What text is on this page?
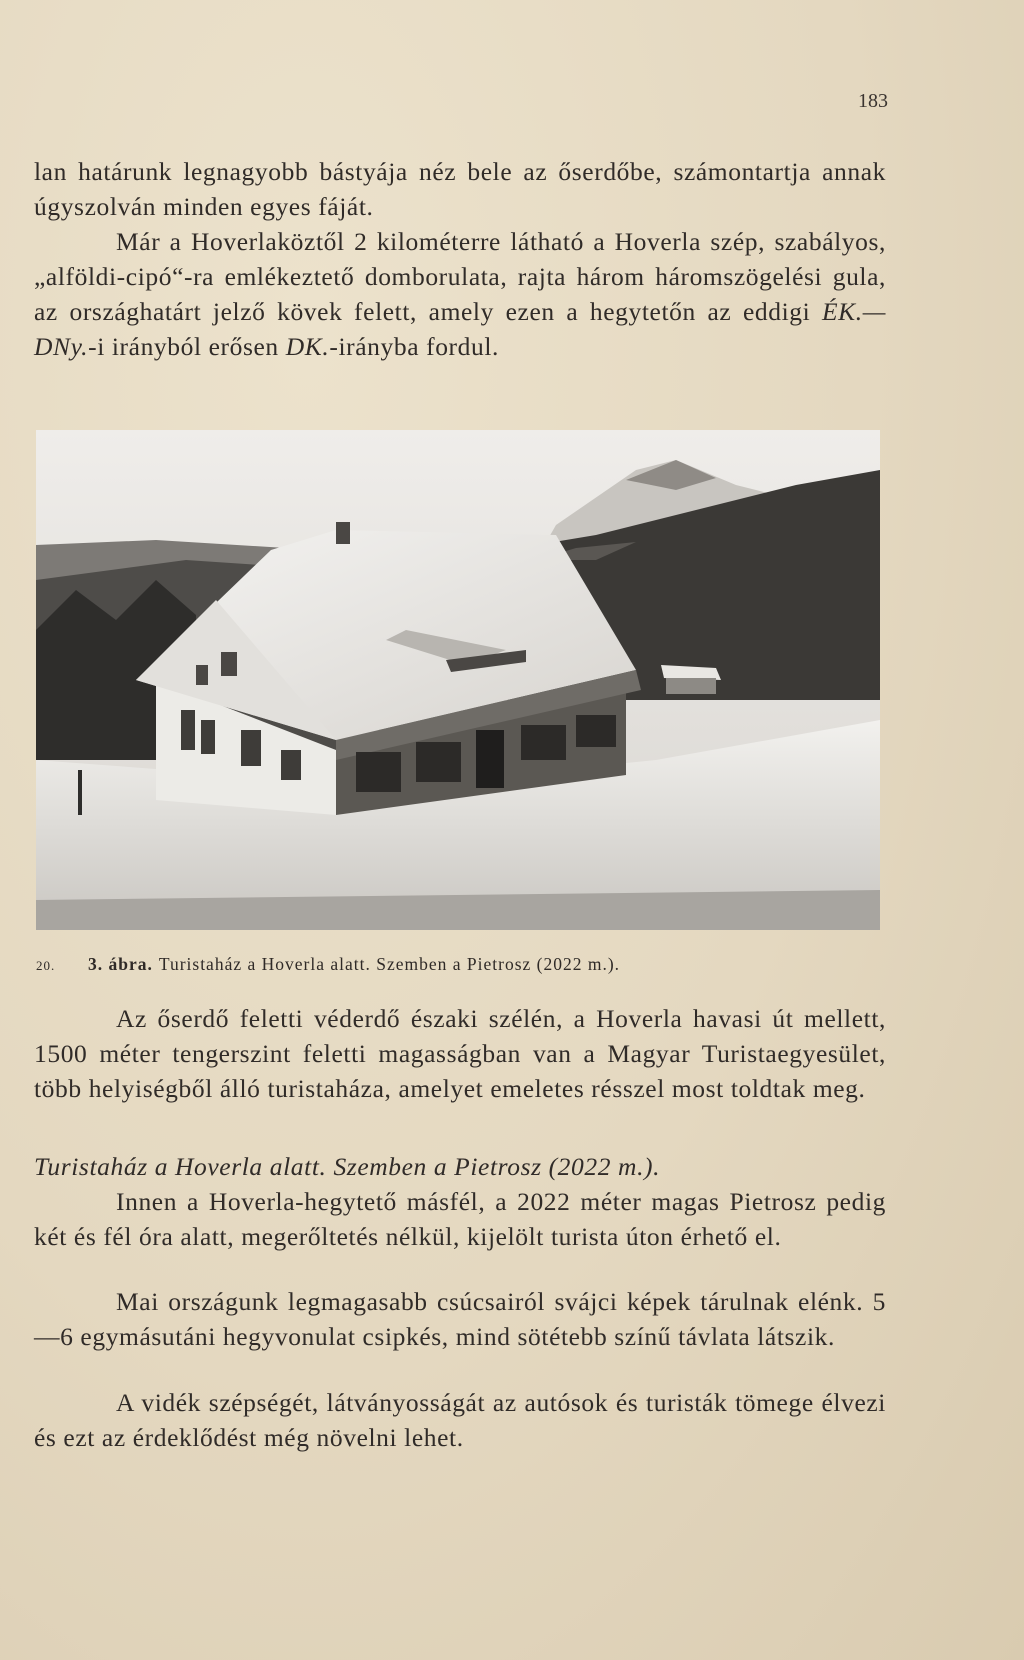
183

lan határunk legnagyobb bástyája néz bele az őserdőbe, számontartja annak úgyszolván minden egyes fáját.

Már a Hoverlaköztől 2 kilométerre látható a Hoverla szép, szabályos, „alföldi-cipó“-ra emlékeztető domborulata, rajta három háromszögelési gula, az országhatárt jelző kövek felett, amely ezen a hegytetőn az eddigi ÉK.—DNy.-i irányból erősen DK.-irányba fordul.

20. 3. ábra. Turistaház a Hoverla alatt. Szemben a Pietrosz (2022 m.).

Az őserdő feletti véderdő északi szélén, a Hoverla havasi út mellett, 1500 méter tengerszint feletti magasságban van a Magyar Turistaegyesület, több helyiségből álló turistaháza, amelyet emeletes résszel most toldtak meg.

Turistaház a Hoverla alatt. Szemben a Pietrosz (2022 m.).

Innen a Hoverla-hegytető másfél, a 2022 méter magas Pietrosz pedig két és fél óra alatt, megerőltetés nélkül, kijelölt turista úton érhető el.

Mai országunk legmagasabb csúcsairól svájci képek tárulnak elénk. 5—6 egymásutáni hegyvonulat csipkés, mind sötétebb színű távlata látszik.

A vidék szépségét, látványosságát az autósok és turisták tömege élvezi és ezt az érdeklődést még növelni lehet.
